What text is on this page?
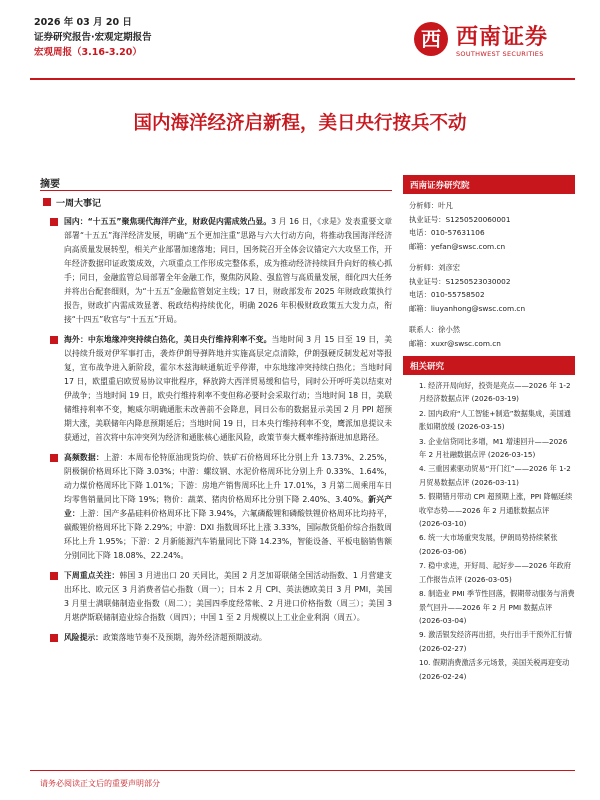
2026 年 03 月 20 日
证券研究报告·宏观定期报告
宏观周报（3.16-3.20）
西 西南证券
SOUTHWEST SECURITIES
国内海洋经济启新程，美日央行按兵不动
摘要
一周大事记

国内：“十五五”聚焦现代海洋产业，财政促内需成效凸显。3 月 16 日，《求是》发表重要文章部署“十五五”海洋经济发展，明确“五个更加注重”思路与六大行动方向，将推动我国海洋经济向高质量发展转型，相关产业部署加速落地；同日，国务院召开全体会议锚定六大攻坚工作，开年经济数据印证政策成效，六项重点工作形成完整体系，成为推动经济持续回升向好的核心抓手；同日，金融监管总局部署全年金融工作，聚焦防风险、强监管与高质量发展，细化四大任务并将出台配套细则，为“十五五”金融监管划定主线；17 日，财政部发布 2025 年财政政策执行报告，财政扩内需成效显著、税政结构持续优化，明确 2026 年积极财政政策五大发力点，衔接“十四五”收官与“十五五”开局。

海外：中东地缘冲突持续白热化，美日央行维持利率不变。当地时间 3 月 15 日至 19 日，美以持续升级对伊军事打击，袭炸伊朗导弹阵地并实施高层定点清除，伊朗强硬反制发起对等报复，宣布战争进入新阶段，霍尔木兹海峡通航近乎停滞，中东地缘冲突持续白热化；当地时间 17 日，欧盟重启欧贸易协议审批程序，释放跨大西洋贸易缓和信号，同时公开呼吁美以结束对伊战争；当地时间 19 日，欧央行维持利率不变但称必要时会采取行动；当地时间 18 日，美联储维持利率不变，鲍威尔明确通胀未改善前不会降息，同日公布的数据显示美国 2 月 PPI 超预期大涨，美联储年内降息预期延后；当地时间 19 日，日本央行维持利率不变，鹰派加息提议未获通过，首次将中东冲突列为经济和通胀核心通胀风险，政策节奏大概率维持渐进加息路径。

高频数据：上游：本周布伦特原油现货均价、铁矿石价格周环比分别上升 13.73%、2.25%，阴极铜价格周环比下降 3.03%；中游：螺纹钢、水泥价格周环比分别上升 0.33%、1.64%，动力煤价格周环比下降 1.01%；下游：房地产销售周环比上升 17.01%，3 月第二周乘用车日均零售销量同比下降 19%；物价：蔬菜、猪肉价格周环比分别下降 2.40%、3.40%。新兴产业：上游：国产多晶硅料价格周环比下降 3.94%，六氟磷酸锂和磷酸铁锂价格周环比均持平，碳酸锂价格周环比下降 2.29%；中游：DXI 指数周环比上涨 3.33%，国际散货船价综合指数周环比上升 1.95%；下游：2 月新能源汽车销量同比下降 14.23%，智能设备、平板电脑销售额分别同比下降 18.08%、22.24%。

下周重点关注：韩国 3 月进出口 20 天同比，美国 2 月芝加哥联储全国活动指数、1 月营建支出环比、欧元区 3 月消费者信心指数（周一）；日本 2 月 CPI、英法德欧美日 3 月 PMI，美国 3 月里士满联储制造业指数（周二）；美国四季度经常帐、2 月进口价格指数（周三）；美国 3 月堪萨斯联储制造业综合指数（周四）；中国 1 至 2 月规模以上工业企业利润（周五）。

风险提示：政策落地节奏不及预期，海外经济超预期波动。

西南证券研究院
分析师：叶凡
执业证号：S1250520060001
电话：010-57631106
邮箱：yefan@swsc.com.cn
分析师：刘彦宏
执业证号：S1250523030002
电话：010-55758502
邮箱：liuyanhong@swsc.com.cn
联系人：徐小然
邮箱：xuxr@swsc.com.cn
相关研究
1. 经济开局向好，投资是亮点——2026 年 1-2 月经济数据点评 (2026-03-19)
2. 国内政府“人工智能+制造”数据集成，美国通胀如期放缓 (2026-03-15)
3. 企业信贷同比多增，M1 增速回升——2026 年 2 月社融数据点评 (2026-03-15)
4. 三重因素驱动贸易“开门红”——2026 年 1-2 月贸易数据点评 (2026-03-11)
5. 假期错月带动 CPI 超预期上涨，PPI 降幅延续收窄态势——2026 年 2 月通胀数据点评 (2026-03-10)
6. 统一大市场重突发展，伊朗局势持续紧张 (2026-03-06)
7. 稳中求进，开好局、起好步——2026 年政府工作报告点评 (2026-03-05)
8. 制造业 PMI 季节性回落，假期带动服务与消费景气回升——2026 年 2 月 PMI 数据点评 (2026-03-04)
9. 激活银发经济再出招，央行出手干预外汇行情 (2026-02-27)
10. 假期消费激活多元场景，美国关税再迎变动 (2026-02-24)
请务必阅读正文后的重要声明部分
